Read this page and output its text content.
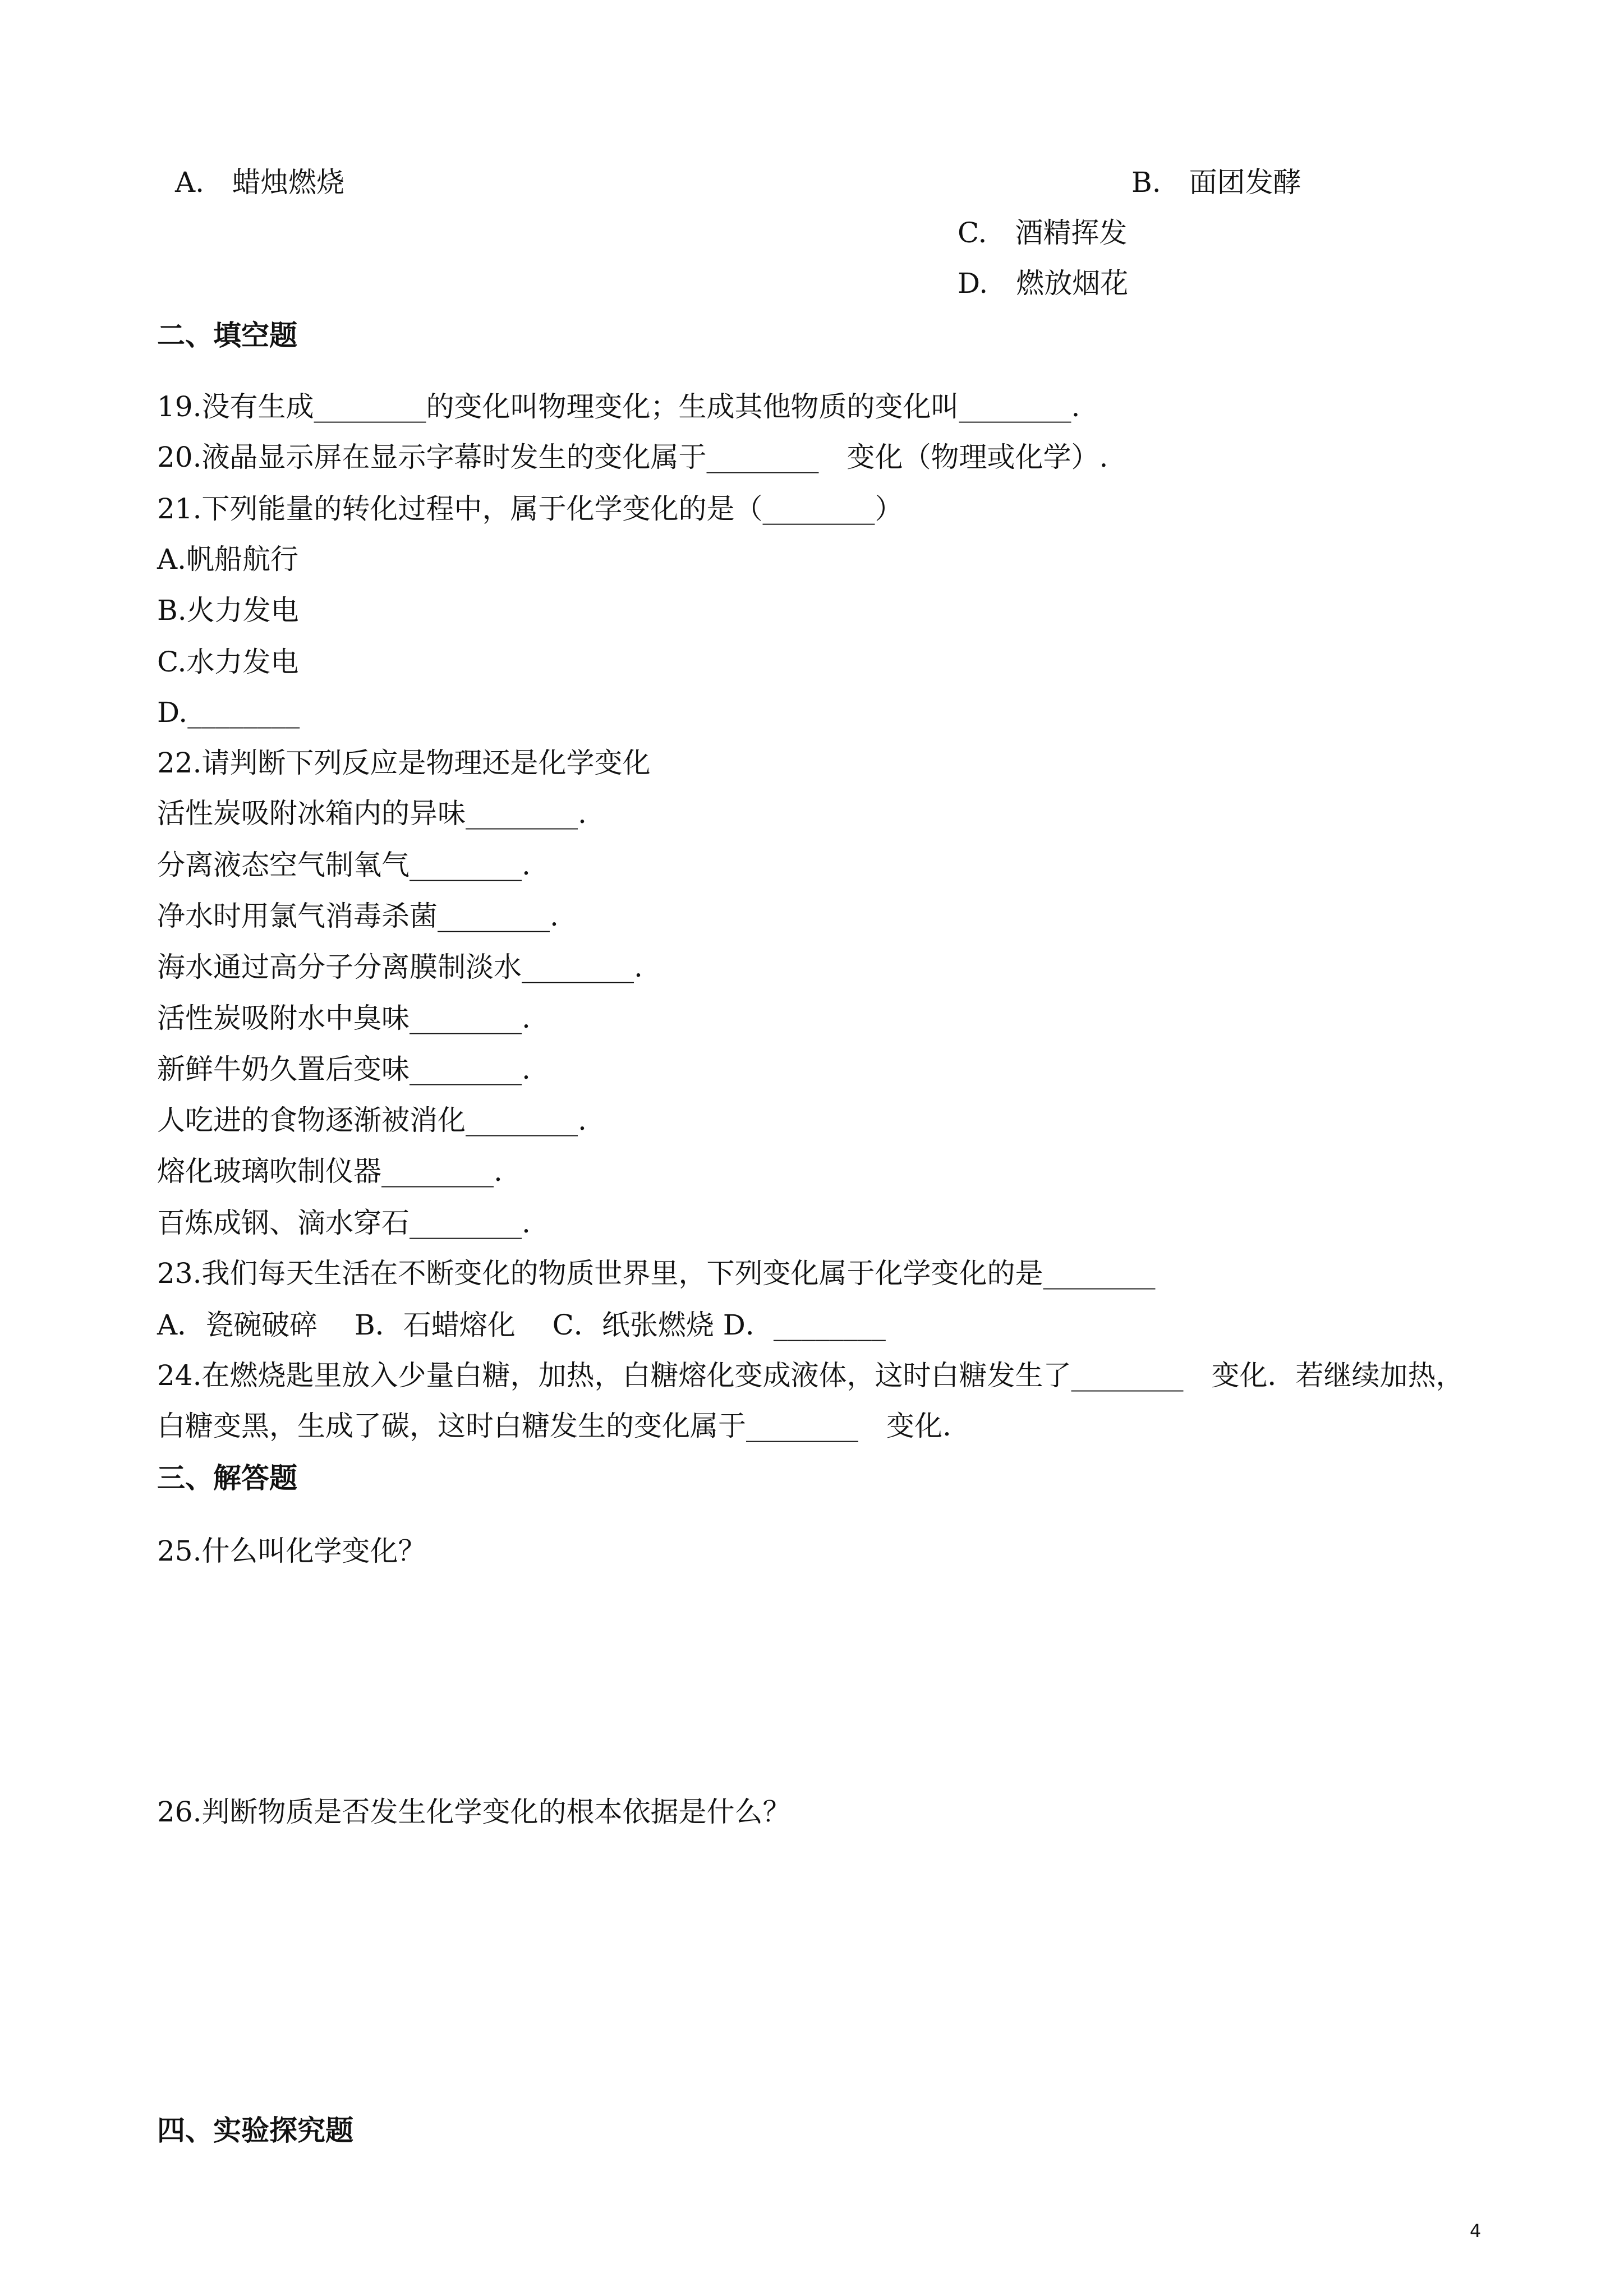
A.　蜡烛燃烧	B.　面团发酵
C.　酒精挥发
D.　燃放烟花
二、填空题
19.没有生成________的变化叫物理变化；生成其他物质的变化叫________.
20.液晶显示屏在显示字幕时发生的变化属于________　变化（物理或化学）.
21.下列能量的转化过程中，属于化学变化的是（________）
A.帆船航行
B.火力发电
C.水力发电
D.________
22.请判断下列反应是物理还是化学变化
活性炭吸附冰箱内的异味________.
分离液态空气制氧气________.
净水时用氯气消毒杀菌________.
海水通过高分子分离膜制淡水________.
活性炭吸附水中臭味________.
新鲜牛奶久置后变味________.
人吃进的食物逐渐被消化________.
熔化玻璃吹制仪器________.
百炼成钢、滴水穿石________.
23.我们每天生活在不断变化的物质世界里，下列变化属于化学变化的是________
A．瓷碗破碎　 B．石蜡熔化　 C．纸张燃烧 D．________
24.在燃烧匙里放入少量白糖，加热，白糖熔化变成液体，这时白糖发生了________　变化．若继续加热，
白糖变黑，生成了碳，这时白糖发生的变化属于________　变化.
三、解答题
25.什么叫化学变化？
26.判断物质是否发生化学变化的根本依据是什么？
四、实验探究题
4
